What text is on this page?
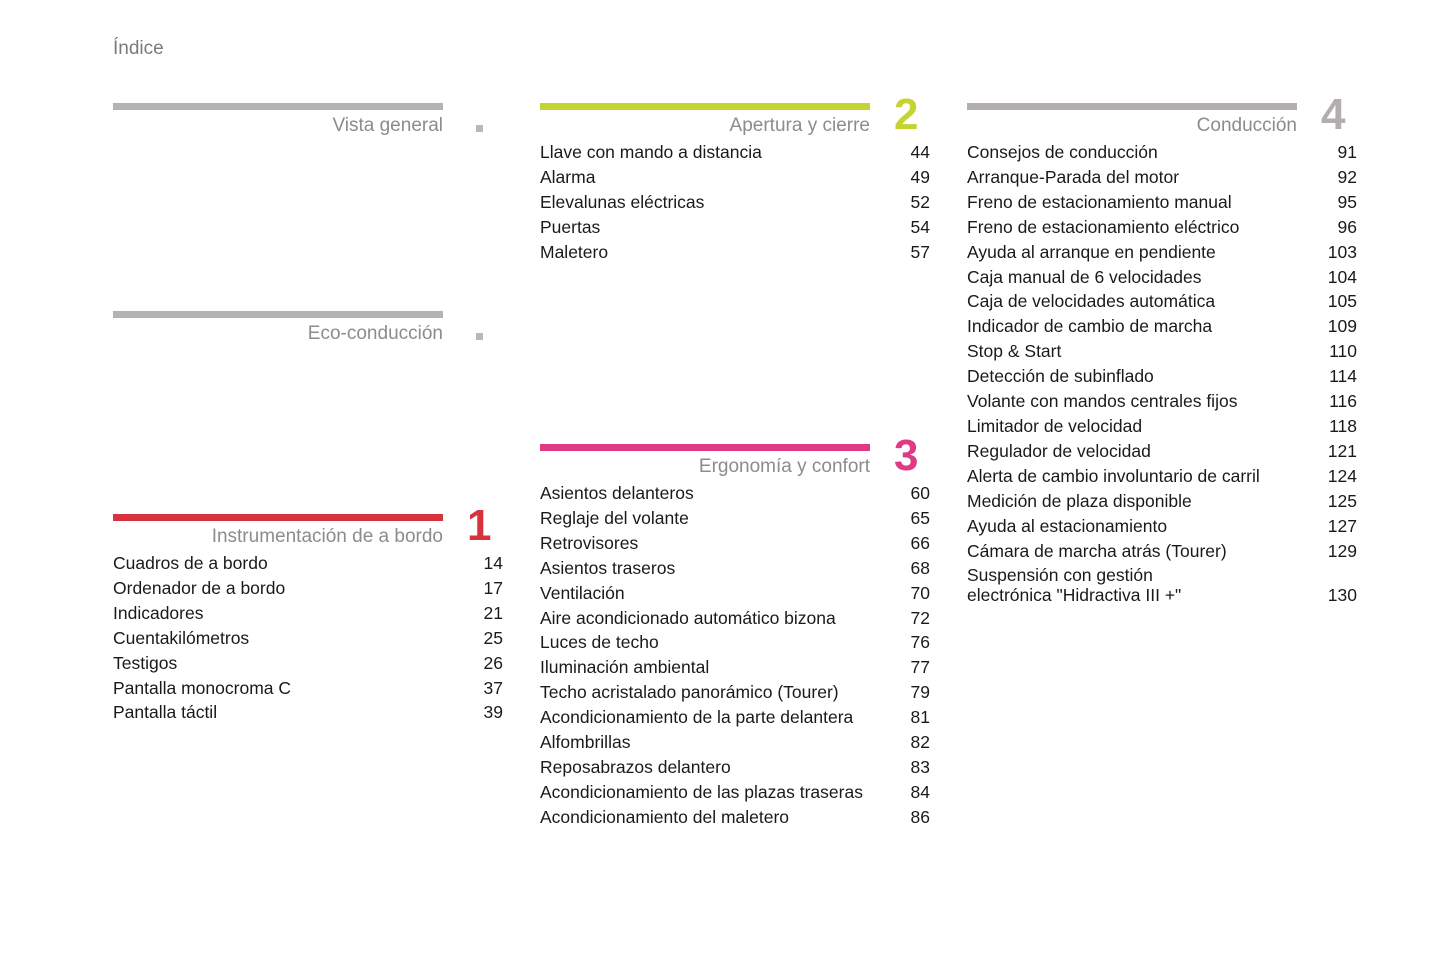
Índice
Vista general
Eco-conducción
Instrumentación de a bordo 1
Cuadros de a bordo	14
Ordenador de a bordo	17
Indicadores	21
Cuentakilómetros	25
Testigos	26
Pantalla monocroma C	37
Pantalla táctil	39
Apertura y cierre 2
Llave con mando a distancia	44
Alarma	49
Elevalunas eléctricas	52
Puertas	54
Maletero	57
Ergonomía y confort 3
Asientos delanteros	60
Reglaje del volante	65
Retrovisores	66
Asientos traseros	68
Ventilación	70
Aire acondicionado automático bizona	72
Luces de techo	76
Iluminación ambiental	77
Techo acristalado panorámico (Tourer)	79
Acondicionamiento de la parte delantera	81
Alfombrillas	82
Reposabrazos delantero	83
Acondicionamiento de las plazas traseras	84
Acondicionamiento del maletero	86
Conducción 4
Consejos de conducción	91
Arranque-Parada del motor	92
Freno de estacionamiento manual	95
Freno de estacionamiento eléctrico	96
Ayuda al arranque en pendiente	103
Caja manual de 6 velocidades	104
Caja de velocidades automática	105
Indicador de cambio de marcha	109
Stop & Start	110
Detección de subinflado	114
Volante con mandos centrales fijos	116
Limitador de velocidad	118
Regulador de velocidad	121
Alerta de cambio involuntario de carril	124
Medición de plaza disponible	125
Ayuda al estacionamiento	127
Cámara de marcha atrás (Tourer)	129
Suspensión con gestión
electrónica "Hidractiva III +"	130
